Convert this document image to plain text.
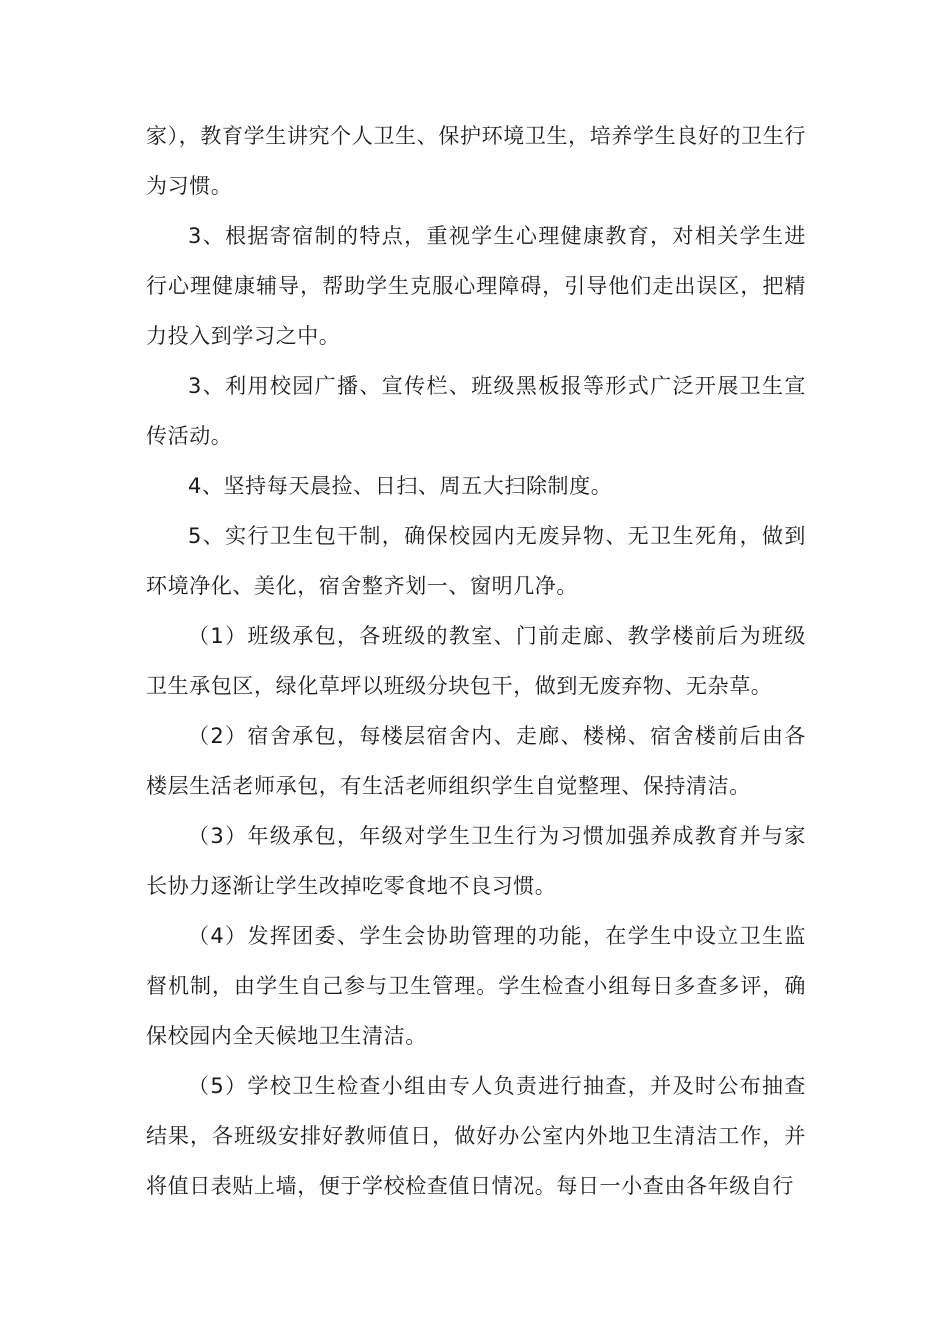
家），教育学生讲究个人卫生、保护环境卫生，培养学生良好的卫生行为习惯。

3、根据寄宿制的特点，重视学生心理健康教育，对相关学生进行心理健康辅导，帮助学生克服心理障碍，引导他们走出误区，把精力投入到学习之中。

3、利用校园广播、宣传栏、班级黑板报等形式广泛开展卫生宣传活动。

4、坚持每天晨捡、日扫、周五大扫除制度。

5、实行卫生包干制，确保校园内无废异物、无卫生死角，做到环境净化、美化，宿舍整齐划一、窗明几净。

（1）班级承包，各班级的教室、门前走廊、教学楼前后为班级卫生承包区，绿化草坪以班级分块包干，做到无废弃物、无杂草。

（2）宿舍承包，每楼层宿舍内、走廊、楼梯、宿舍楼前后由各楼层生活老师承包，有生活老师组织学生自觉整理、保持清洁。

（3）年级承包，年级对学生卫生行为习惯加强养成教育并与家长协力逐渐让学生改掉吃零食地不良习惯。

（4）发挥团委、学生会协助管理的功能，在学生中设立卫生监督机制，由学生自己参与卫生管理。学生检查小组每日多查多评，确保校园内全天候地卫生清洁。

（5）学校卫生检查小组由专人负责进行抽查，并及时公布抽查结果，各班级安排好教师值日，做好办公室内外地卫生清洁工作，并将值日表贴上墙，便于学校检查值日情况。每日一小查由各年级自行
